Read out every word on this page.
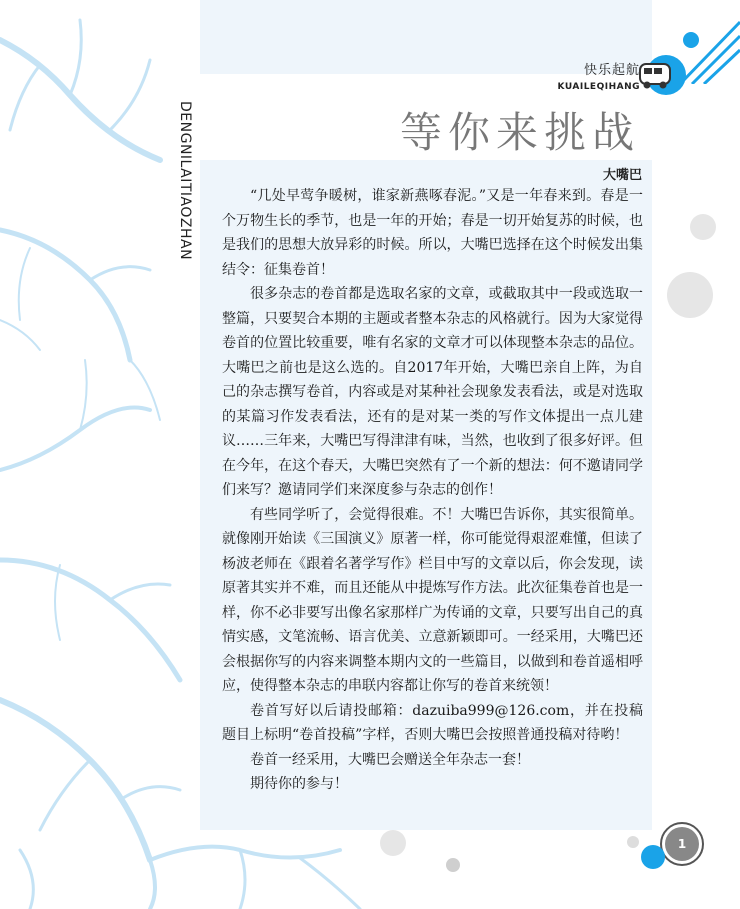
快乐起航
KUAILEQIHANG
DENGNILAITIAOZHAN	等你来挑战
大嘴巴

“几处早莺争暖树，谁家新燕啄春泥。”又是一年春来到。春是一个万物生长的季节，也是一年的开始；春是一切开始复苏的时候，也是我们的思想大放异彩的时候。所以，大嘴巴选择在这个时候发出集结令：征集卷首！

很多杂志的卷首都是选取名家的文章，或截取其中一段或选取一整篇，只要契合本期的主题或者整本杂志的风格就行。因为大家觉得卷首的位置比较重要，唯有名家的文章才可以体现整本杂志的品位。大嘴巴之前也是这么选的。自2017年开始，大嘴巴亲自上阵，为自己的杂志撰写卷首，内容或是对某种社会现象发表看法，或是对选取的某篇习作发表看法，还有的是对某一类的写作文体提出一点儿建议……三年来，大嘴巴写得津津有味，当然，也收到了很多好评。但在今年，在这个春天，大嘴巴突然有了一个新的想法：何不邀请同学们来写？邀请同学们来深度参与杂志的创作！

有些同学听了，会觉得很难。不！大嘴巴告诉你，其实很简单。就像刚开始读《三国演义》原著一样，你可能觉得艰涩难懂，但读了杨波老师在《跟着名著学写作》栏目中写的文章以后，你会发现，读原著其实并不难，而且还能从中提炼写作方法。此次征集卷首也是一样，你不必非要写出像名家那样广为传诵的文章，只要写出自己的真情实感，文笔流畅、语言优美、立意新颖即可。一经采用，大嘴巴还会根据你写的内容来调整本期内文的一些篇目，以做到和卷首遥相呼应，使得整本杂志的串联内容都让你写的卷首来统领！

卷首写好以后请投邮箱：dazuiba999@126.com，并在投稿题目上标明“卷首投稿”字样，否则大嘴巴会按照普通投稿对待哟！

卷首一经采用，大嘴巴会赠送全年杂志一套！

期待你的参与！

1
